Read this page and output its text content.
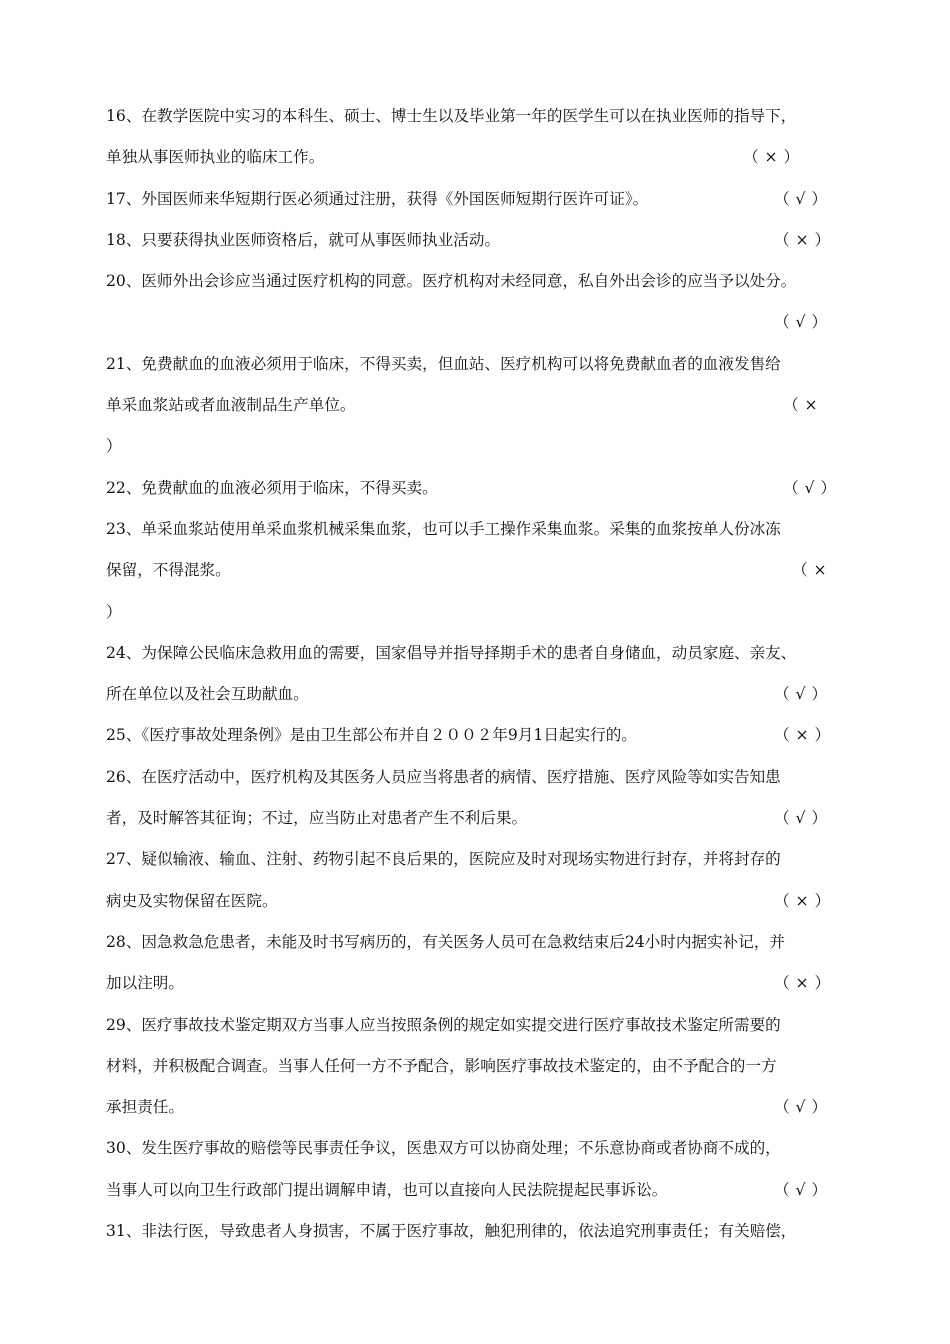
16、在教学医院中实习的本科生、硕士、博士生以及毕业第一年的医学生可以在执业医师的指导下，
单独从事医师执业的临床工作。	（ × ）
17、外国医师来华短期行医必须通过注册，获得《外国医师短期行医许可证》。	（ √ ）
18、只要获得执业医师资格后，就可从事医师执业活动。	（ × ）
20、医师外出会诊应当通过医疗机构的同意。医疗机构对未经同意，私自外出会诊的应当予以处分。
（ √ ）
21、免费献血的血液必须用于临床，不得买卖，但血站、医疗机构可以将免费献血者的血液发售给
单采血浆站或者血液制品生产单位。	（ ×
）
22、免费献血的血液必须用于临床，不得买卖。	（ √ ）
23、单采血浆站使用单采血浆机械采集血浆，也可以手工操作采集血浆。采集的血浆按单人份冰冻
保留，不得混浆。	（ ×
）
24、为保障公民临床急救用血的需要，国家倡导并指导择期手术的患者自身储血，动员家庭、亲友、
所在单位以及社会互助献血。	（ √ ）
25、《医疗事故处理条例》是由卫生部公布并自２００２年9月1日起实行的。	（ × ）
26、在医疗活动中，医疗机构及其医务人员应当将患者的病情、医疗措施、医疗风险等如实告知患
者，及时解答其征询；不过，应当防止对患者产生不利后果。	（ √ ）
27、疑似输液、输血、注射、药物引起不良后果的，医院应及时对现场实物进行封存，并将封存的
病史及实物保留在医院。	（ × ）
28、因急救急危患者，未能及时书写病历的，有关医务人员可在急救结束后24小时内据实补记，并
加以注明。	（ × ）
29、医疗事故技术鉴定期双方当事人应当按照条例的规定如实提交进行医疗事故技术鉴定所需要的
材料，并积极配合调查。当事人任何一方不予配合，影响医疗事故技术鉴定的，由不予配合的一方
承担责任。	（ √ ）
30、发生医疗事故的赔偿等民事责任争议，医患双方可以协商处理；不乐意协商或者协商不成的，
当事人可以向卫生行政部门提出调解申请，也可以直接向人民法院提起民事诉讼。	（ √ ）
31、非法行医，导致患者人身损害，不属于医疗事故，触犯刑律的，依法追究刑事责任；有关赔偿，
